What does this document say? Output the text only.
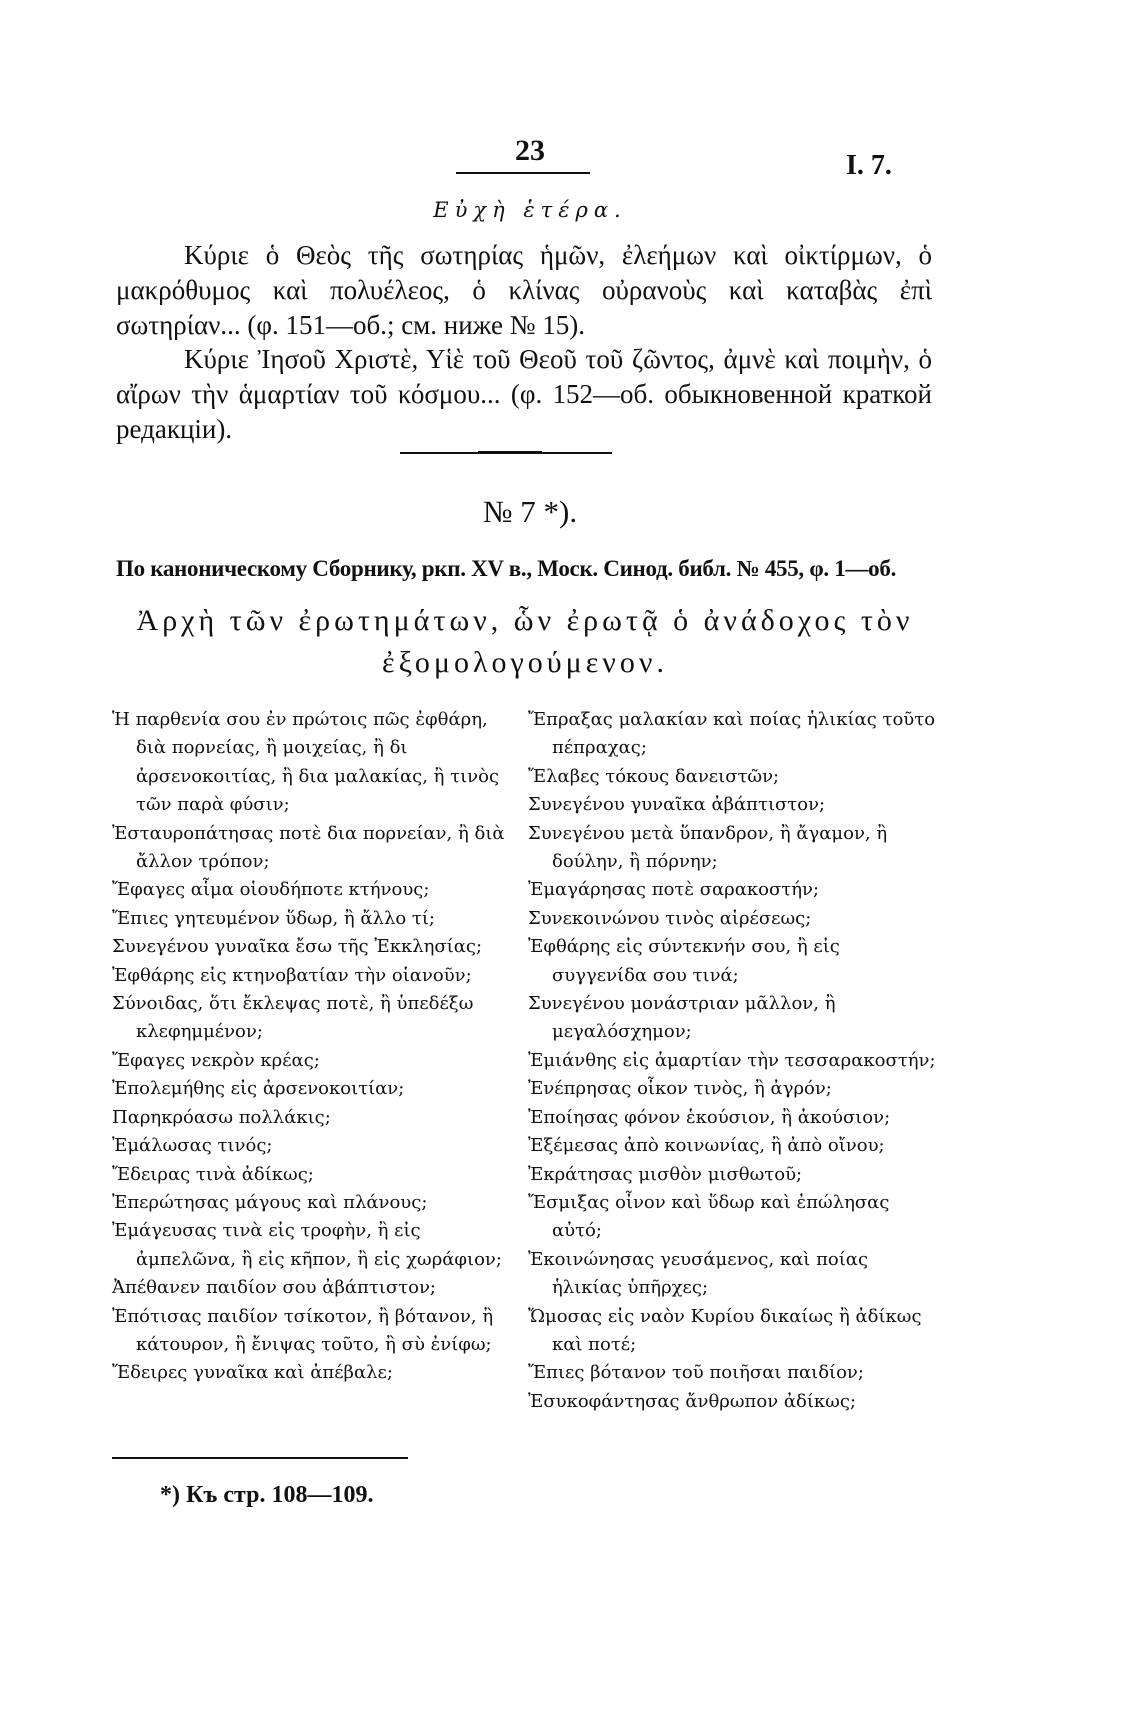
23	I. 7.
Εὐχὴ ἑτέρα.

Κύριε ὁ Θεὸς τῆς σωτηρίας ἡμῶν, ἐλεήμων καὶ οἰκτίρμων, ὁ μακρόθυμος καὶ πολυέλεος, ὁ κλίνας οὐρανοὺς καὶ καταβὰς ἐπὶ σωτηρίαν... (φ. 151—об.; см. ниже № 15).

Κύριε Ἰησοῦ Χριστὲ, Υἱὲ τοῦ Θεοῦ τοῦ ζῶντος, ἀμνὲ καὶ ποιμὴν, ὁ αἴρων τὴν ἁμαρτίαν τοῦ κόσμου... (φ. 152—об. обыкновенной краткой редакціи).

№ 7 *).
По каноническому Сборнику, ркп. XV в., Моск. Синод. библ. № 455, φ. 1—об.
Ἀρχὴ τῶν ἐρωτημάτων, ὧν ἐρωτᾷ ὁ ἀνάδοχος τὸν ἐξομολογούμενον.

Ἡ παρθενία σου ἐν πρώτοις πῶς ἐφθάρη, διὰ πορνείας, ἢ μοιχείας, ἢ δι ἀρσενοκοιτίας, ἢ δια μαλακίας, ἢ τινὸς τῶν παρὰ φύσιν;

Ἐσταυροπάτησας ποτὲ δια πορνείαν, ἢ διὰ ἄλλον τρόπον;

Ἔφαγες αἷμα οἱουδήποτε κτήνους;

Ἔπιες γητευμένον ὕδωρ, ἢ ἄλλο τί;

Συνεγένου γυναῖκα ἔσω τῆς Ἐκκλησίας;

Ἐφθάρης εἰς κτηνοβατίαν τὴν οἱανοῦν;

Σύνοιδας, ὅτι ἔκλεψας ποτὲ, ἢ ὑπεδέξω κλεφημμένον;

Ἔφαγες νεκρὸν κρέας;

Ἐπολεμήθης εἰς ἀρσενοκοιτίαν;

Παρηκρόασω πολλάκις;

Ἐμάλωσας τινός;

Ἔδειρας τινὰ ἀδίκως;

Ἐπερώτησας μάγους καὶ πλάνους;

Ἐμάγευσας τινὰ εἰς τροφὴν, ἢ εἰς ἀμπελῶνα, ἢ εἰς κῆπον, ἢ εἰς χωράφιον;

Ἀπέθανεν παιδίον σου ἀβάπτιστον;

Ἐπότισας παιδίον τσίκοτον, ἢ βότανον, ἢ κάτουρον, ἢ ἔνιψας τοῦτο, ἢ σὺ ἐνίφω;

Ἔδειρες γυναῖκα καὶ ἀπέβαλε;

Ἔπραξας μαλακίαν καὶ ποίας ἡλικίας τοῦτο πέπραχας;

Ἔλαβες τόκους δανειστῶν;

Συνεγένου γυναῖκα ἀβάπτιστον;

Συνεγένου μετὰ ὕπανδρον, ἢ ἄγαμον, ἢ δούλην, ἢ πόρνην;

Ἐμαγάρησας ποτὲ σαρακοστήν;

Συνεκοινώνου τινὸς αἱρέσεως;

Ἐφθάρης εἰς σύντεκνήν σου, ἢ εἰς συγγενίδα σου τινά;

Συνεγένου μονάστριαν μᾶλλον, ἢ μεγαλόσχημον;

Ἐμιάνθης εἰς ἁμαρτίαν τὴν τεσσαρακοστήν;

Ἐνέπρησας οἶκον τινὸς, ἢ ἀγρόν;

Ἐποίησας φόνον ἑκούσιον, ἢ ἀκούσιον;

Ἐξέμεσας ἀπὸ κοινωνίας, ἢ ἀπὸ οἴνου;

Ἐκράτησας μισθὸν μισθωτοῦ;

Ἔσμιξας οἶνον καὶ ὕδωρ καὶ ἐπώλησας αὐτό;

Ἐκοινώνησας γευσάμενος, καὶ ποίας ἡλικίας ὑπῆρχες;

Ὤμοσας εἰς ναὸν Κυρίου δικαίως ἢ ἀδίκως καὶ ποτέ;

Ἔπιες βότανον τοῦ ποιῆσαι παιδίον;

Ἐσυκοφάντησας ἄνθρωπον ἀδίκως;

*) Къ стр. 108—109.
